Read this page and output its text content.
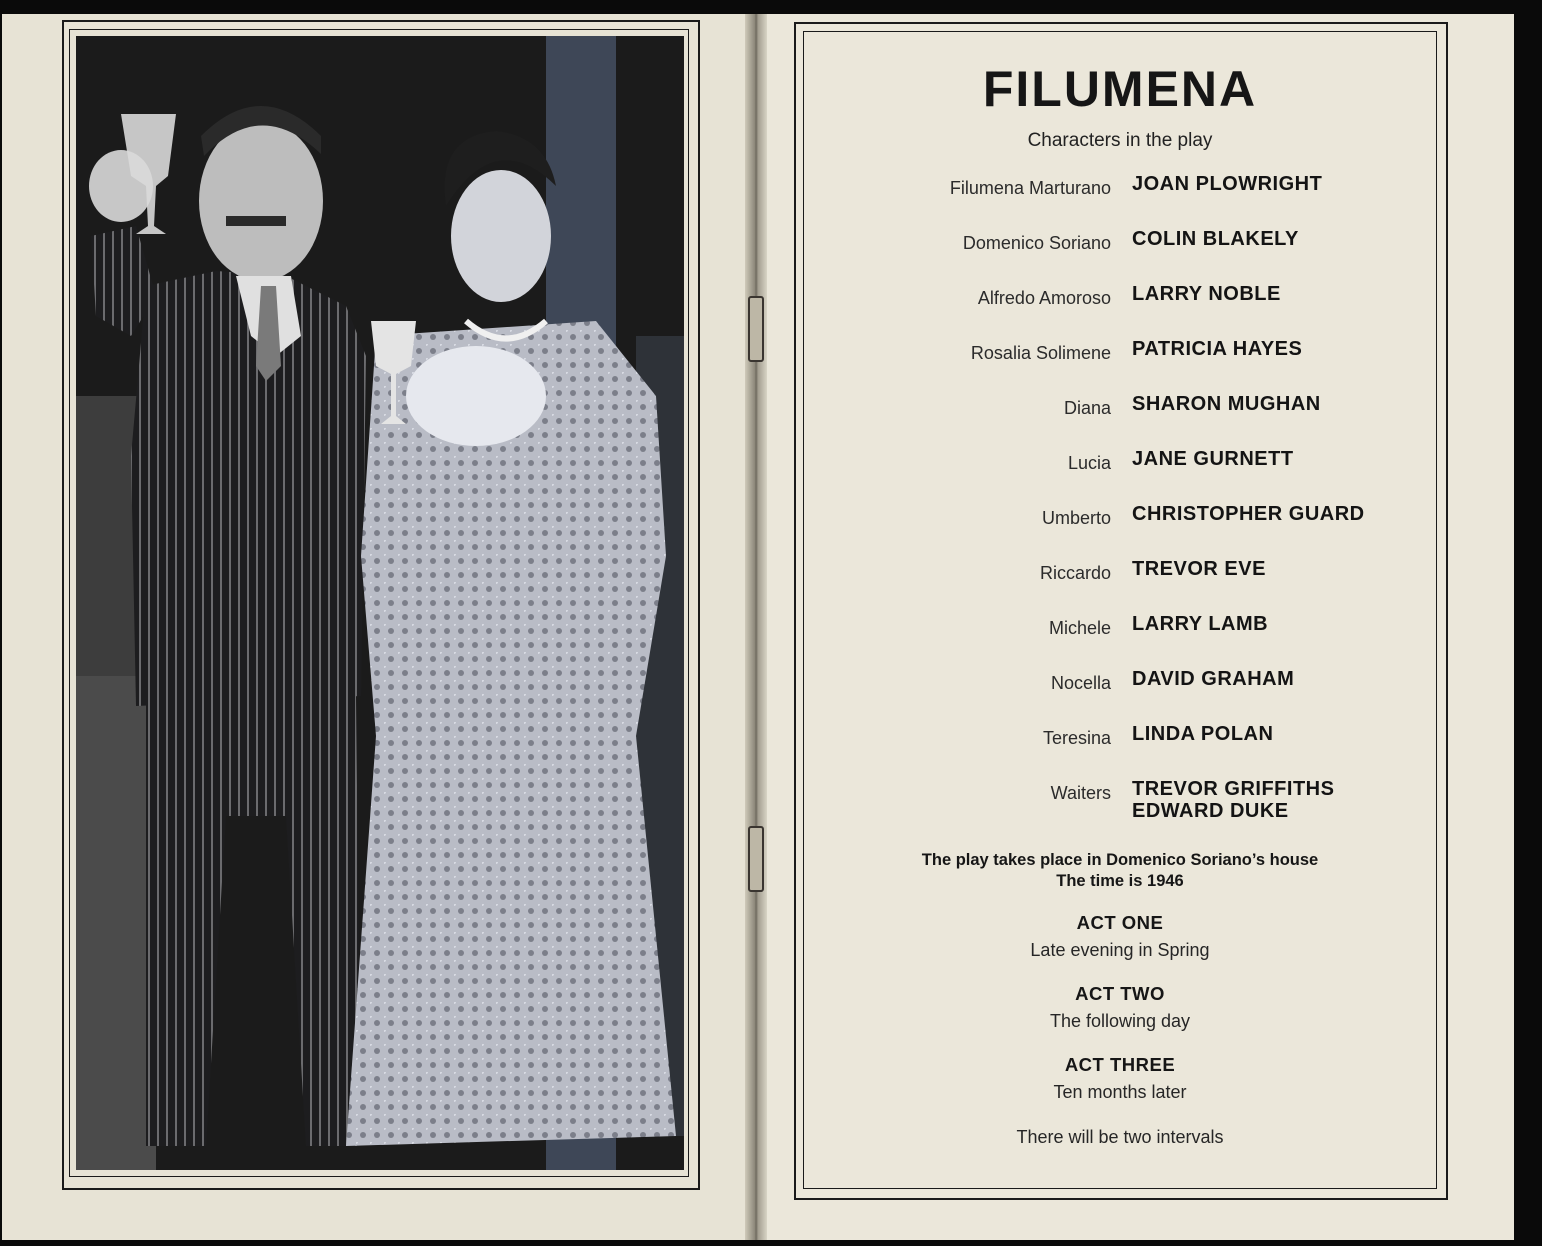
FILUMENA
Characters in the play
Filumena Marturano JOAN PLOWRIGHT
Domenico Soriano COLIN BLAKELY
Alfredo Amoroso LARRY NOBLE
Rosalia Solimene PATRICIA HAYES
Diana SHARON MUGHAN
Lucia JANE GURNETT
Umberto CHRISTOPHER GUARD
Riccardo TREVOR EVE
Michele LARRY LAMB
Nocella DAVID GRAHAM
Teresina LINDA POLAN
Waiters TREVOR GRIFFITHS
EDWARD DUKE
The play takes place in Domenico Soriano’s house
The time is 1946
ACT ONE
Late evening in Spring
ACT TWO
The following day
ACT THREE
Ten months later
There will be two intervals
